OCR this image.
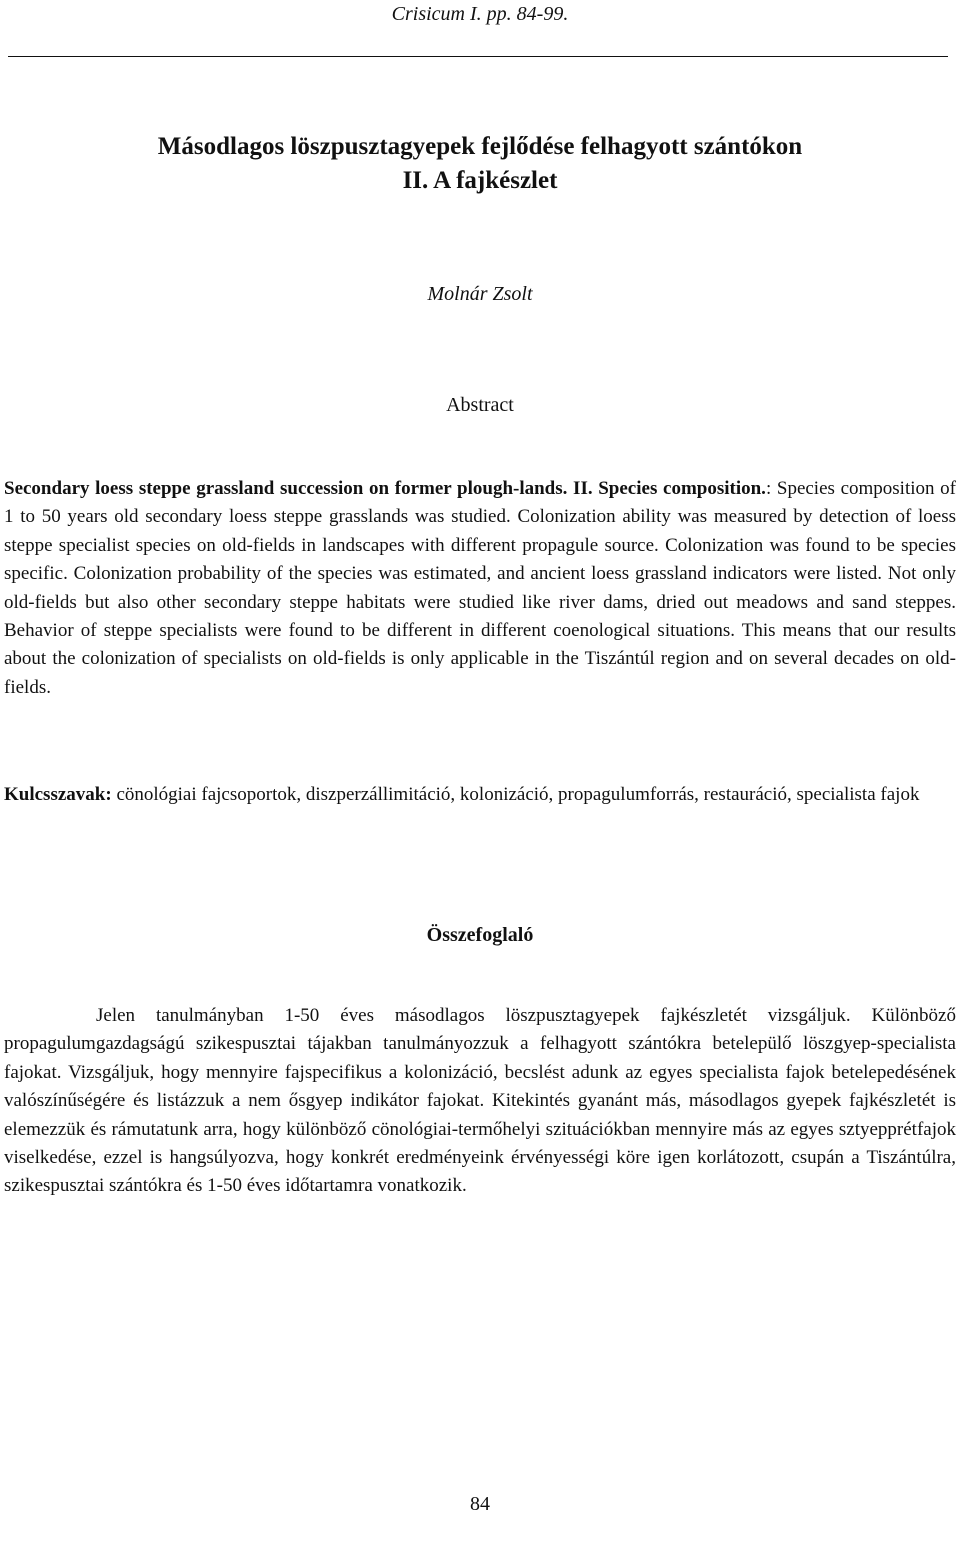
Crisicum I. pp. 84-99.
Másodlagos löszpusztagyepek fejlődése felhagyott szántókon
II. A fajkészlet
Molnár Zsolt
Abstract
Secondary loess steppe grassland succession on former plough-lands. II. Species composition.: Species composition of 1 to 50 years old secondary loess steppe grasslands was studied. Colonization ability was measured by detection of loess steppe specialist species on old-fields in landscapes with different propagule source. Colonization was found to be species specific. Colonization probability of the species was estimated, and ancient loess grassland indicators were listed. Not only old-fields but also other secondary steppe habitats were studied like river dams, dried out meadows and sand steppes. Behavior of steppe specialists were found to be different in different coenological situations. This means that our results about the colonization of specialists on old-fields is only applicable in the Tiszántúl region and on several decades on old-fields.
Kulcsszavak: cönológiai fajcsoportok, diszperzállimitáció, kolonizáció, propagulumforrás, restauráció, specialista fajok
Összefoglaló
Jelen tanulmányban 1-50 éves másodlagos löszpusztagyepek fajkészletét vizsgáljuk. Különböző propagulumgazdagságú szikespusztai tájakban tanulmányozzuk a felhagyott szántókra betelepülő löszgyep-specialista fajokat. Vizsgáljuk, hogy mennyire fajspecifikus a kolonizáció, becslést adunk az egyes specialista fajok betelepedésének valószínűségére és listázzuk a nem ősgyep indikátor fajokat. Kitekintés gyanánt más, másodlagos gyepek fajkészletét is elemezzük és rámutatunk arra, hogy különböző cönológiai-termőhelyi szituációkban mennyire más az egyes sztyepprétfajok viselkedése, ezzel is hangsúlyozva, hogy konkrét eredményeink érvényességi köre igen korlátozott, csupán a Tiszántúlra, szikespusztai szántókra és 1-50 éves időtartamra vonatkozik.
84
